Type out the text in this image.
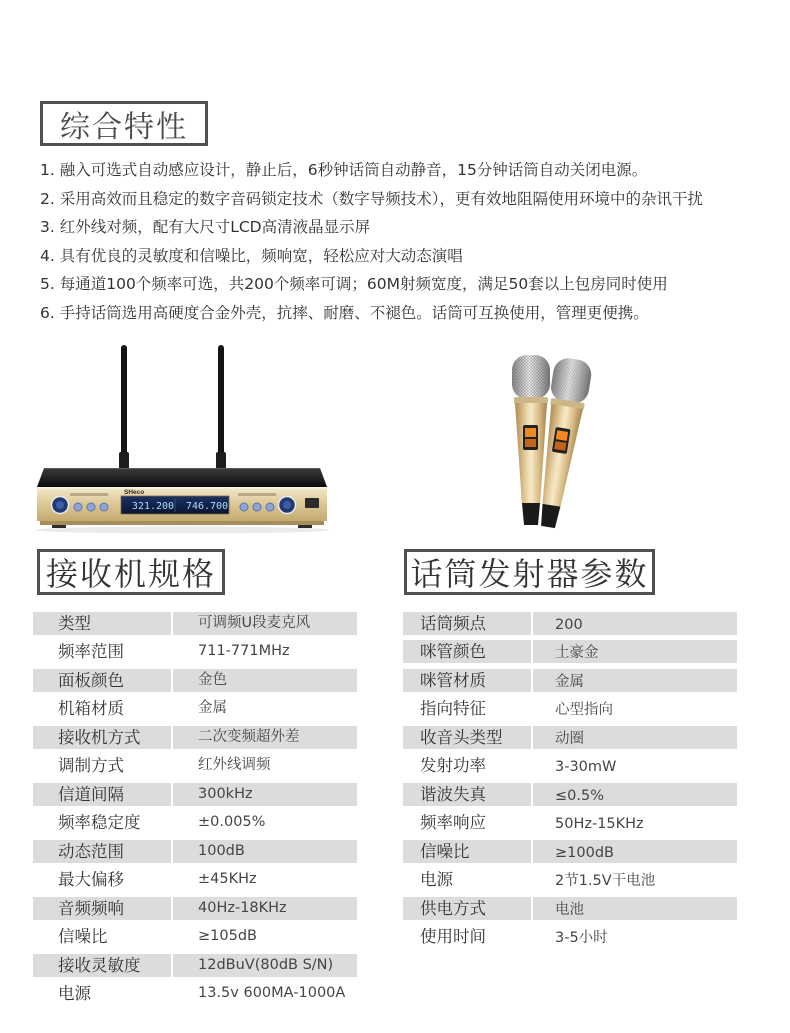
综合特性
1. 融入可选式自动感应设计，静止后，6秒钟话筒自动静音，15分钟话筒自动关闭电源。
2. 采用高效而且稳定的数字音码锁定技术（数字导频技术），更有效地阻隔使用环境中的杂讯干扰
3. 红外线对频，配有大尺寸LCD高清液晶显示屏
4. 具有优良的灵敏度和信噪比，频响宽，轻松应对大动态演唱
5. 每通道100个频率可选，共200个频率可调；60M射频宽度，满足50套以上包房同时使用
6. 手持话筒选用高硬度合金外壳，抗摔、耐磨、不褪色。话筒可互换使用，管理更便携。
SHeco
321.200 746.700
接收机规格	话筒发射器参数
类型	可调频U段麦克风
频率范围	711-771MHz
面板颜色	金色
机箱材质	金属
接收机方式	二次变频超外差
调制方式	红外线调频
信道间隔	300kHz
频率稳定度	±0.005%
动态范围	100dB
最大偏移	±45KHz
音频频响	40Hz-18KHz
信噪比	≥105dB
接收灵敏度	12dBuV(80dB S/N)
电源	13.5v 600MA-1000A
话筒频点	200
咪管颜色	土豪金
咪管材质	金属
指向特征	心型指向
收音头类型	动圈
发射功率	3-30mW
谐波失真	≤0.5%
频率响应	50Hz-15KHz
信噪比	≥100dB
电源	2节1.5V干电池
供电方式	电池
使用时间	3-5小时
